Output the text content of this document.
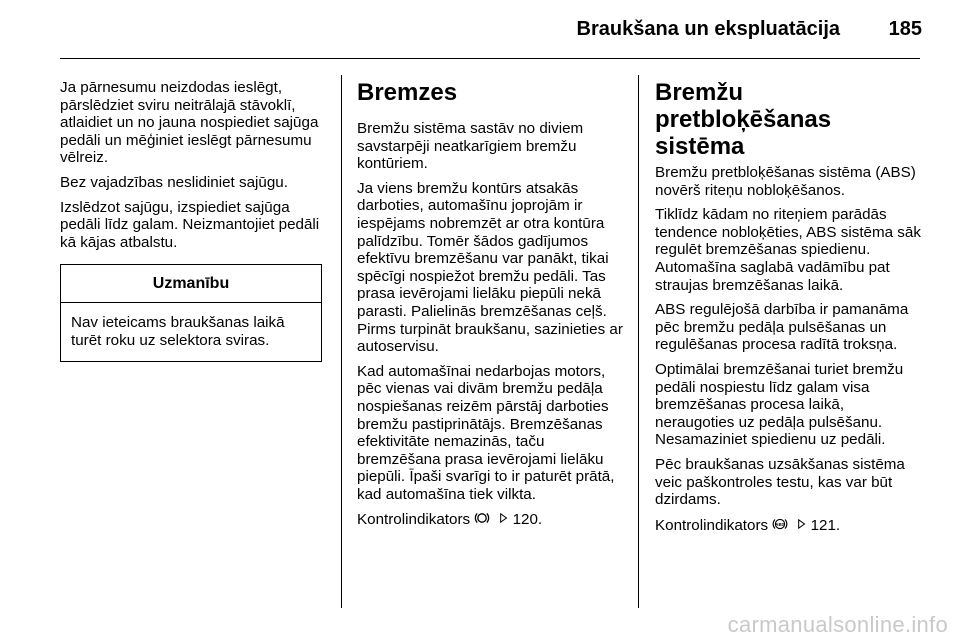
Braukšana un ekspluatācija 185

Ja pārnesumu neizdodas ieslēgt, pārslēdziet sviru neitrālajā stāvoklī, atlaidiet un no jauna nospiediet sajūga pedāli un mēģiniet ieslēgt pārnesumu vēlreiz.

Bez vajadzības neslidiniet sajūgu.

Izslēdzot sajūgu, izspiediet sajūga pedāli līdz galam. Neizmantojiet pedāli kā kājas atbalstu.

Uzmanību
Nav ieteicams braukšanas laikā turēt roku uz selektora sviras.
Bremzes

Bremžu sistēma sastāv no diviem savstarpēji neatkarīgiem bremžu kontūriem.

Ja viens bremžu kontūrs atsakās darboties, automašīnu joprojām ir iespējams nobremzēt ar otra kontūra palīdzību. Tomēr šādos gadījumos efektīvu bremzēšanu var panākt, tikai spēcīgi nospiežot bremžu pedāli. Tas prasa ievērojami lielāku piepūli nekā parasti. Palielinās bremzēšanas ceļš. Pirms turpināt braukšanu, sazinieties ar autoservisu.

Kad automašīnai nedarbojas motors, pēc vienas vai divām bremžu pedāļa nospiešanas reizēm pārstāj darboties bremžu pastiprinātājs. Bremzēšanas efektivitāte nemazinās, taču bremzēšana prasa ievērojami lielāku piepūli. Īpaši svarīgi to ir paturēt prātā, kad automašīna tiek vilkta.

Kontrolindikators	120.

Bremžu pretbloķēšanas sistēma

Bremžu pretbloķēšanas sistēma (ABS) novērš riteņu nobloķēšanos.

Tiklīdz kādam no riteņiem parādās tendence nobloķēties, ABS sistēma sāk regulēt bremzēšanas spiedienu. Automašīna saglabā vadāmību pat straujas bremzēšanas laikā.

ABS regulējošā darbība ir pamanāma pēc bremžu pedāļa pulsēšanas un regulēšanas procesa radītā troksņa.

Optimālai bremzēšanai turiet bremžu pedāli nospiestu līdz galam visa bremzēšanas procesa laikā, neraugoties uz pedāļa pulsēšanu. Nesamaziniet spiedienu uz pedāli.

Pēc braukšanas uzsākšanas sistēma veic paškontroles testu, kas var būt dzirdams.

Kontrolindikators ABS 121.

carmanualsonline.info
